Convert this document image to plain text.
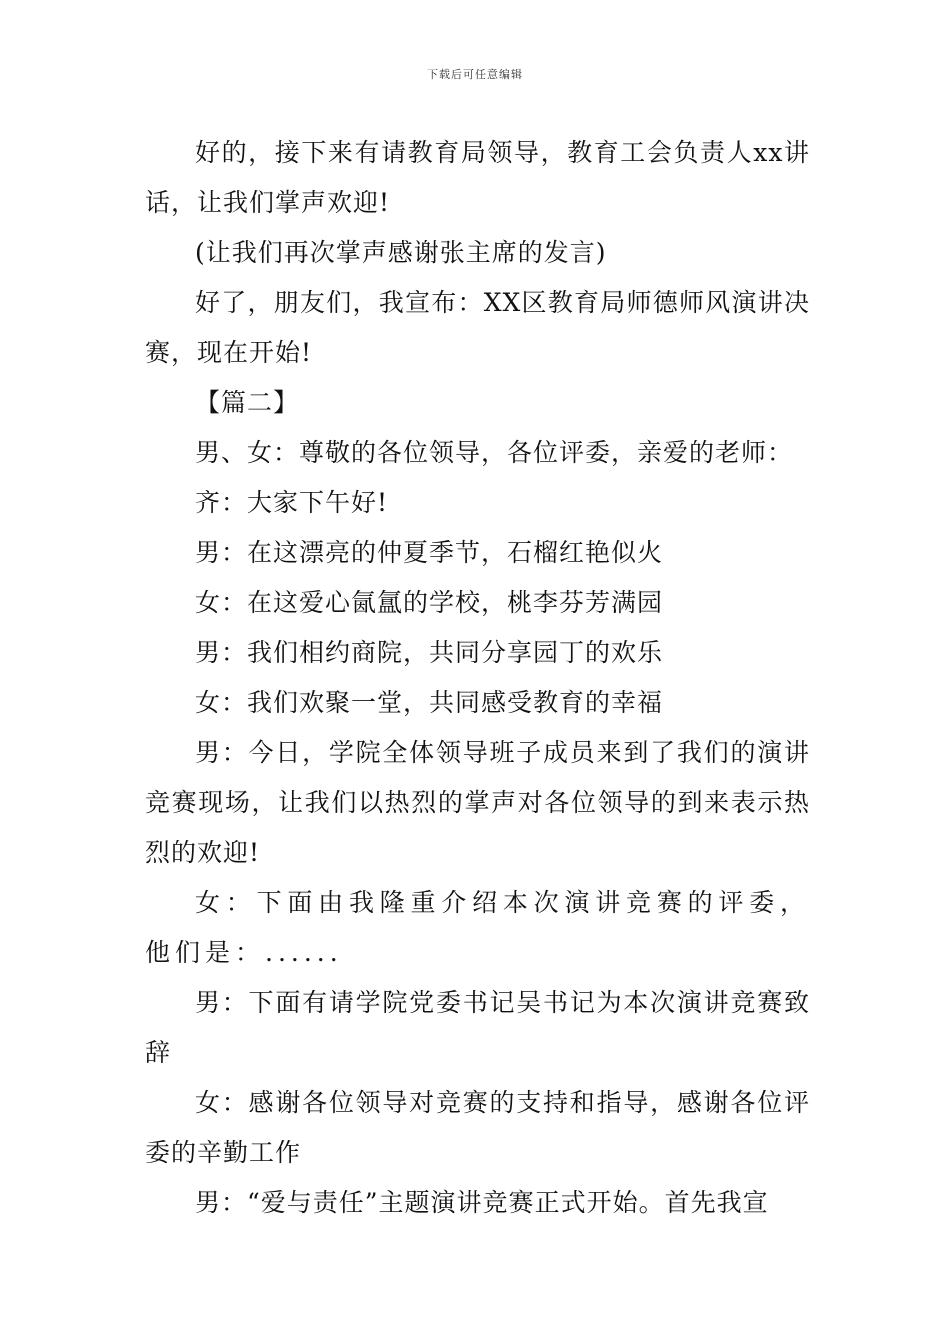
下载后可任意编辑

好的，接下来有请教育局领导，教育工会负责人xx讲话，让我们掌声欢迎!

(让我们再次掌声感谢张主席的发言)

好了，朋友们，我宣布：XX区教育局师德师风演讲决赛，现在开始!

【篇二】

男、女：尊敬的各位领导，各位评委，亲爱的老师：

齐：大家下午好!

男：在这漂亮的仲夏季节，石榴红艳似火

女：在这爱心氤氲的学校，桃李芬芳满园

男：我们相约商院，共同分享园丁的欢乐

女：我们欢聚一堂，共同感受教育的幸福

男：今日，学院全体领导班子成员来到了我们的演讲竞赛现场，让我们以热烈的掌声对各位领导的到来表示热烈的欢迎!

女：下面由我隆重介绍本次演讲竞赛的评委，他们是：......

男：下面有请学院党委书记吴书记为本次演讲竞赛致辞

女：感谢各位领导对竞赛的支持和指导，感谢各位评委的辛勤工作

男：“爱与责任”主题演讲竞赛正式开始。首先我宣
